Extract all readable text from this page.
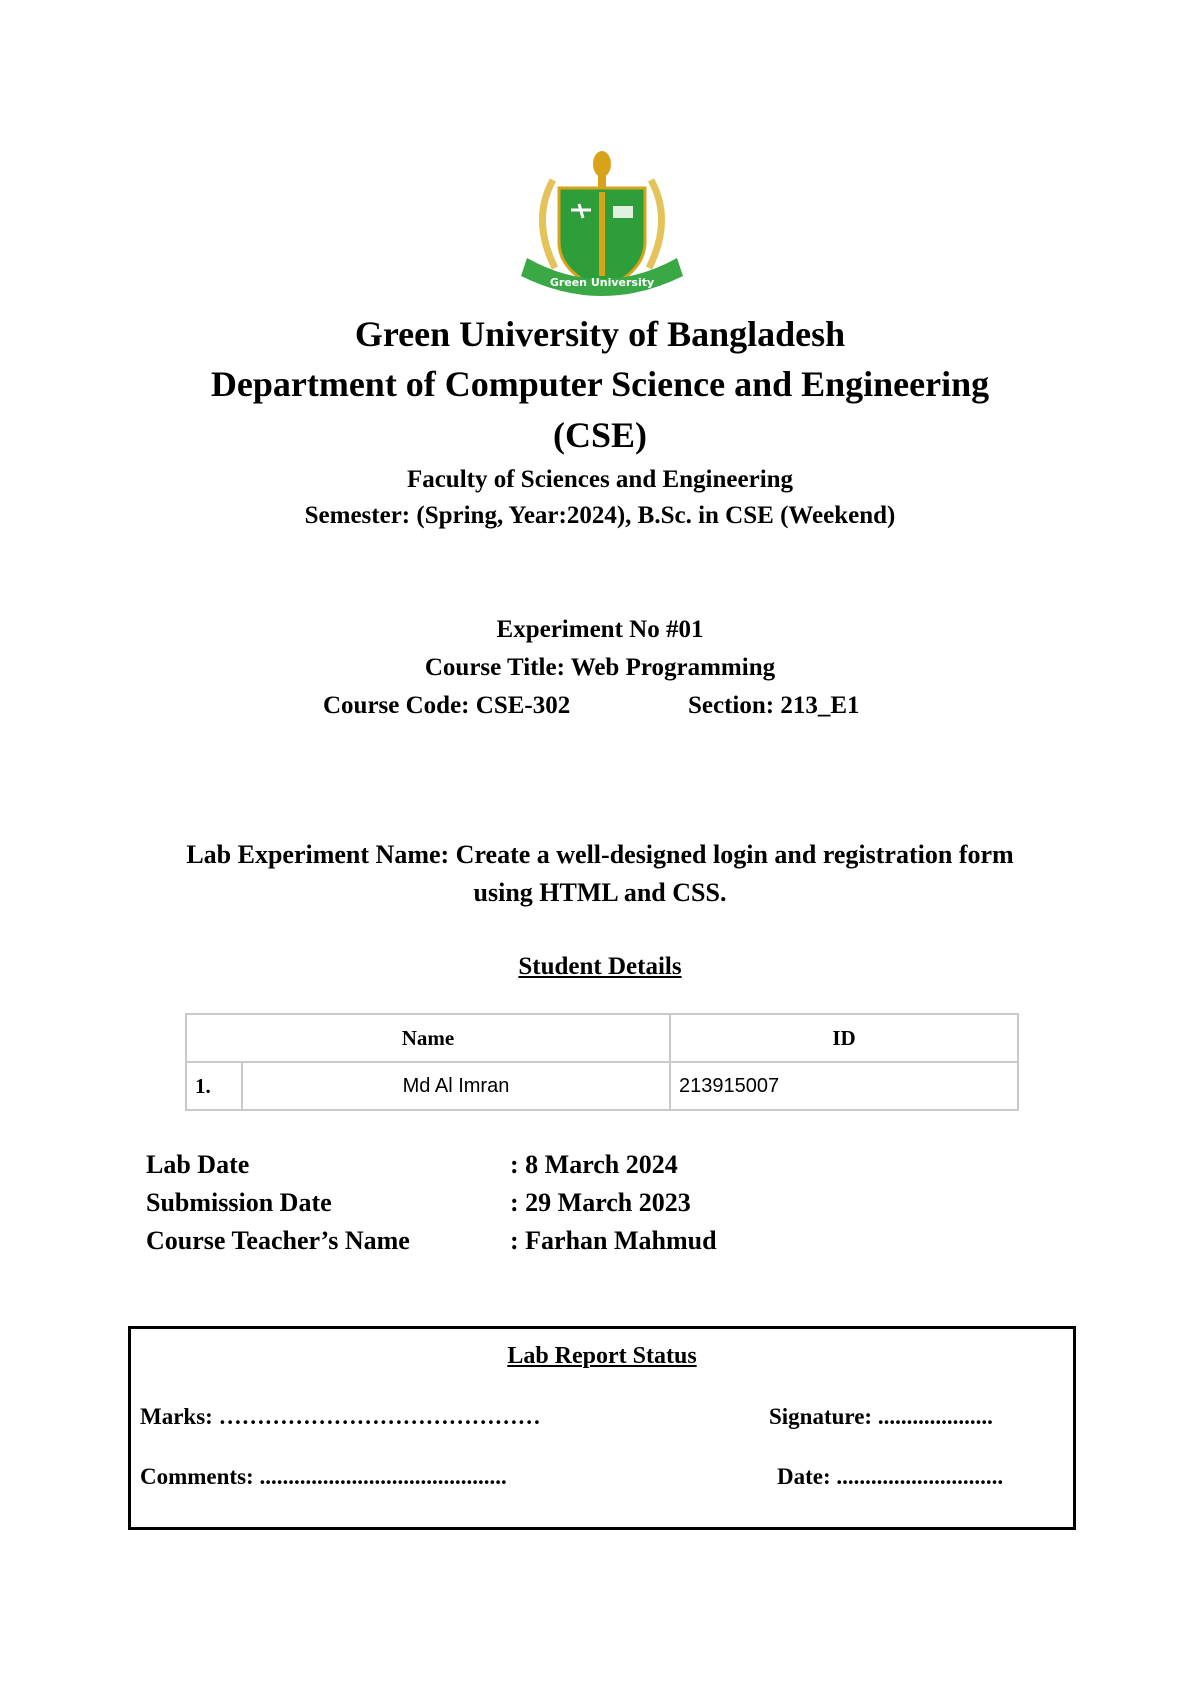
Green University
Green University of Bangladesh
Department of Computer Science and Engineering
(CSE)
Faculty of Sciences and Engineering
Semester: (Spring, Year:2024), B.Sc. in CSE (Weekend)
Experiment No #01
Course Title: Web Programming
Course Code: CSE-302	Section: 213_E1
Lab Experiment Name: Create a well-designed login and registration form
using HTML and CSS.
Student Details
Name		ID
1.	Md Al Imran	213915007
Lab Date	: 8 March 2024
Submission Date	: 29 March 2023
Course Teacher’s Name	: Farhan Mahmud
Lab Report Status
Marks: ……………………………………	Signature: ....................
Comments: ...........................................	Date: .............................
